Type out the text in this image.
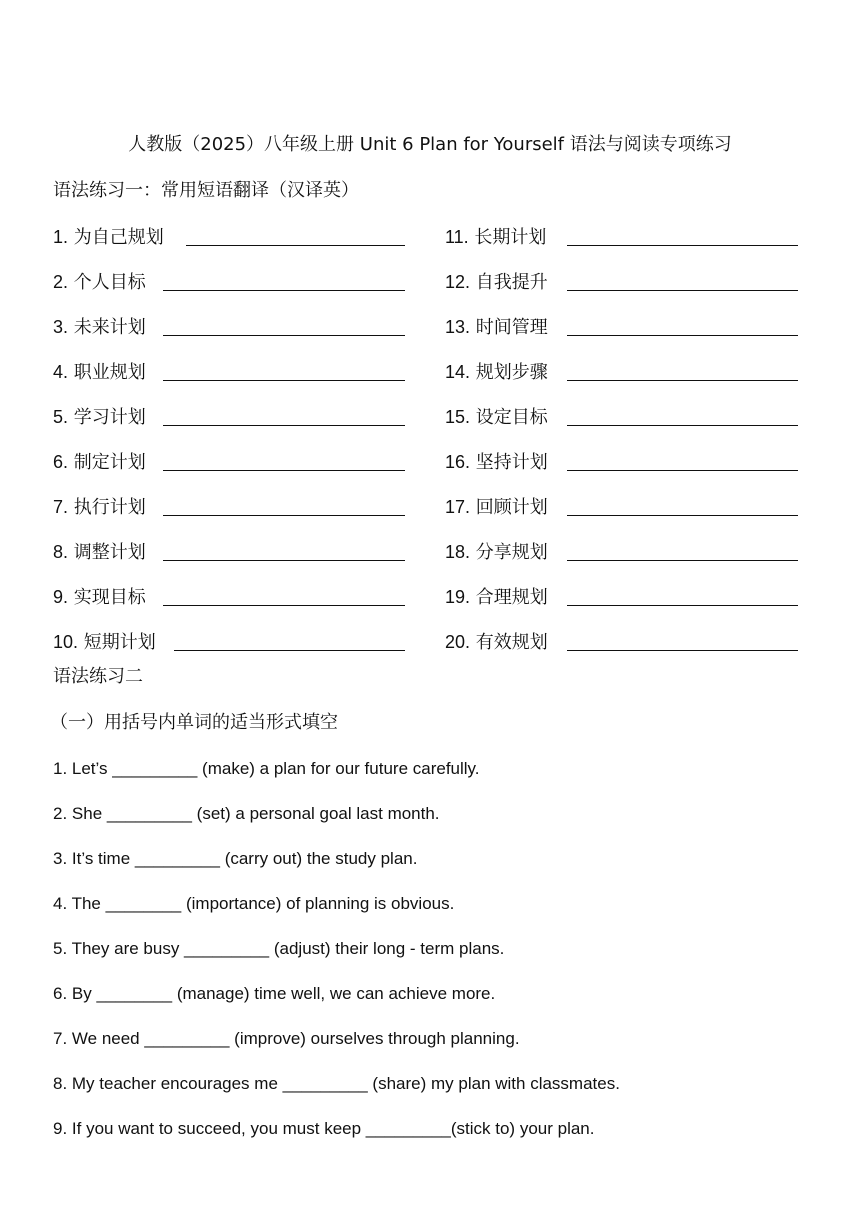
人教版（2025）八年级上册 Unit 6 Plan for Yourself 语法与阅读专项练习
语法练习一：常用短语翻译（汉译英）
1. 为自己规划
2. 个人目标
3. 未来计划
4. 职业规划
5. 学习计划
6. 制定计划
7. 执行计划
8. 调整计划
9. 实现目标
10. 短期计划
11. 长期计划
12. 自我提升
13. 时间管理
14. 规划步骤
15. 设定目标
16. 坚持计划
17. 回顾计划
18. 分享规划
19. 合理规划
20. 有效规划
语法练习二
（一）用括号内单词的适当形式填空
1. Let’s _________ (make) a plan for our future carefully.
2. She _________ (set) a personal goal last month.
3. It’s time _________ (carry out) the study plan.
4. The ________ (importance) of planning is obvious.
5. They are busy _________ (adjust) their long - term plans.
6. By ________ (manage) time well, we can achieve more.
7. We need _________ (improve) ourselves through planning.
8. My teacher encourages me _________ (share) my plan with classmates.
9. If you want to succeed, you must keep _________(stick to) your plan.
